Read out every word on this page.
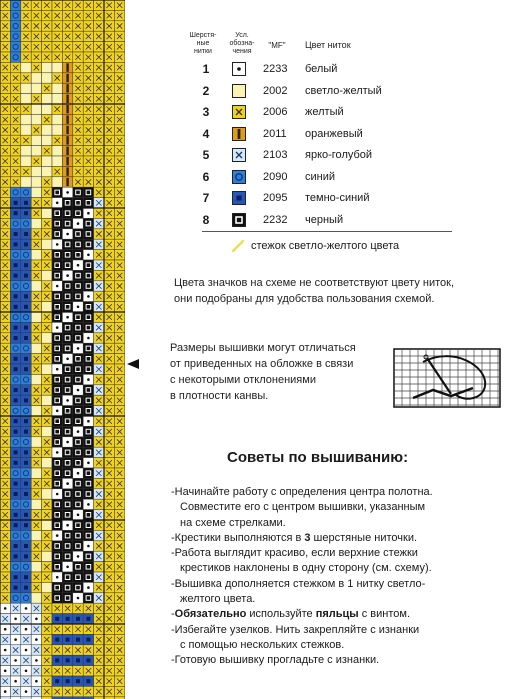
Шерстя-
ные
нитки
Усл.
обозна-
чения
"MF"	Цвет ниток
1	2233 белый
2	2002 светло-желтый
3	2006 желтый
4	2011 оранжевый
5	2103 ярко-голубой
6	2090 синий
7	2095 темно-синий
8	2232 черный
стежок светло-желтого цвета
Цвета значков на схеме не соответствуют цвету ниток, они подобраны для удобства пользования схемой.
Размеры вышивки могут отличаться
от приведенных на обложке в связи
с некоторыми отклонениями
в плотности канвы.
Советы по вышиванию:
-Начинайте работу с определения центра полотна.
Совместите его с центром вышивки, указанным
на схеме стрелками.
-Крестики выполняются в 3 шерстяные ниточки.
-Работа выглядит красиво, если верхние стежки
крестиков наклонены в одну сторону (см. схему).
-Вышивка дополняется стежком в 1 нитку светло-
желтого цвета.
-Обязательно используйте пяльцы с винтом.
-Избегайте узелков. Нить закрепляйте с изнанки
с помощью нескольких стежков.
-Готовую вышивку прогладьте с изнанки.
